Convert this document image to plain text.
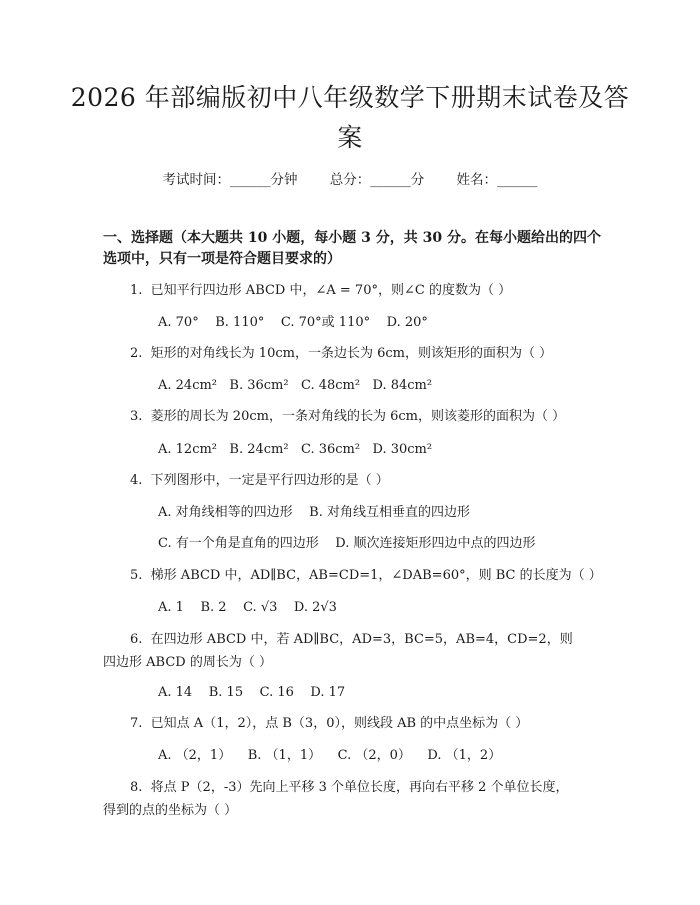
2026 年部编版初中八年级数学下册期末试卷及答案
考试时间：______分钟 总分：______分 姓名：______
一、选择题（本大题共 10 小题，每小题 3 分，共 30 分。在每小题给出的四个选项中，只有一项是符合题目要求的）
1. 已知平行四边形 ABCD 中，∠A = 70°，则∠C 的度数为（ ）
A. 70°    B. 110°    C. 70°或 110°    D. 20°
2. 矩形的对角线长为 10cm，一条边长为 6cm，则该矩形的面积为（ ）
A. 24cm²   B. 36cm²   C. 48cm²   D. 84cm²
3. 菱形的周长为 20cm，一条对角线的长为 6cm，则该菱形的面积为（ ）
A. 12cm²   B. 24cm²   C. 36cm²   D. 30cm²
4. 下列图形中，一定是平行四边形的是（ ）
A. 对角线相等的四边形    B. 对角线互相垂直的四边形
C. 有一个角是直角的四边形    D. 顺次连接矩形四边中点的四边形
5. 梯形 ABCD 中，AD∥BC，AB=CD=1，∠DAB=60°，则 BC 的长度为（ ）
A. 1    B. 2    C. √3    D. 2√3
6. 在四边形 ABCD 中，若 AD∥BC，AD=3，BC=5，AB=4，CD=2，则四边形 ABCD 的周长为（ ）
A. 14    B. 15    C. 16    D. 17
7. 已知点 A（1，2），点 B（3，0），则线段 AB 的中点坐标为（ ）
A. （2，1）    B. （1，1）    C. （2，0）    D. （1，2）
8. 将点 P（2，-3）先向上平移 3 个单位长度，再向右平移 2 个单位长度，得到的点的坐标为（ ）
